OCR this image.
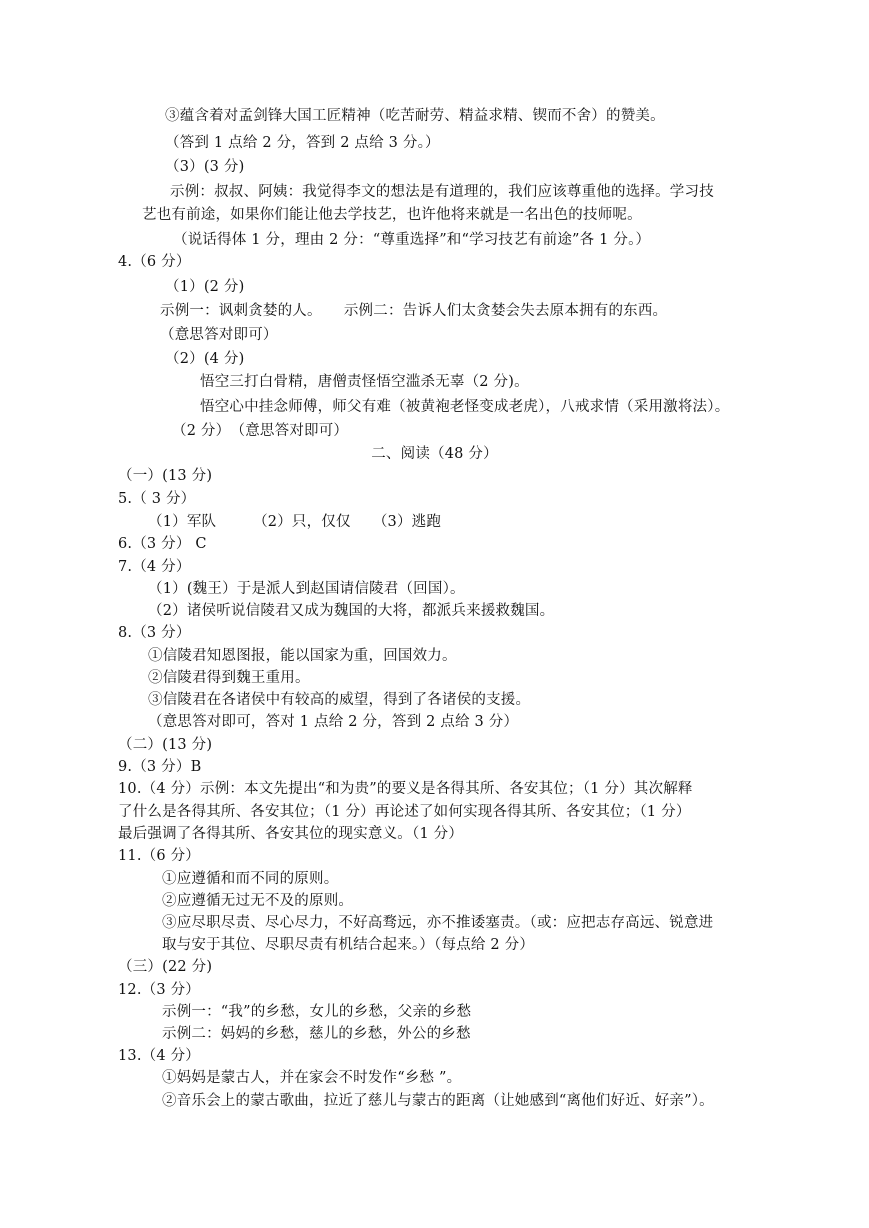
③蕴含着对孟剑锋大国工匠精神（吃苦耐劳、精益求精、锲而不舍）的赞美。
（答到 1 点给 2 分，答到 2 点给 3 分。）
（3）(3 分)
示例：叔叔、阿姨：我觉得李文的想法是有道理的，我们应该尊重他的选择。学习技
艺也有前途，如果你们能让他去学技艺，也许他将来就是一名出色的技师呢。
（说话得体 1 分，理由 2 分：“尊重选择”和“学习技艺有前途”各 1 分。）
4.（6 分）
（1）(2 分)
示例一：讽刺贪婪的人。　　示例二：告诉人们太贪婪会失去原本拥有的东西。
（意思答对即可）
（2）(4 分)
悟空三打白骨精，唐僧责怪悟空滥杀无辜（2 分)。
悟空心中挂念师傅，师父有难（被黄袍老怪变成老虎），八戒求情（采用激将法）。
（2 分）　（意思答对即可）
二、阅读（48 分）
（一）(13 分)
5.（ 3 分）
（1）军队　　　（2）只，仅仅　　（3）逃跑
6.（3 分） C
7.（4 分）
（1）(魏王）于是派人到赵国请信陵君（回国）。
（2）诸侯听说信陵君又成为魏国的大将，都派兵来援救魏国。
8.（3 分）
①信陵君知恩图报，能以国家为重，回国效力。
②信陵君得到魏王重用。
③信陵君在各诸侯中有较高的威望，得到了各诸侯的支援。
（意思答对即可，答对 1 点给 2 分，答到 2 点给 3 分）
（二）(13 分)
9.（3 分）B
10.（4 分）示例：本文先提出“和为贵”的要义是各得其所、各安其位；（1 分）其次解释
了什么是各得其所、各安其位；（1 分）再论述了如何实现各得其所、各安其位；（1 分）
最后强调了各得其所、各安其位的现实意义。（1 分）
11.（6 分）
①应遵循和而不同的原则。
②应遵循无过无不及的原则。
③应尽职尽责、尽心尽力，不好高骛远，亦不推诿塞责。（或：应把志存高远、锐意进
取与安于其位、尽职尽责有机结合起来。）（每点给 2 分）
（三）(22 分)
12.（3 分）
示例一：“我”的乡愁，女儿的乡愁，父亲的乡愁
示例二：妈妈的乡愁，慈儿的乡愁，外公的乡愁
13.（4 分）
①妈妈是蒙古人，并在家会不时发作“乡愁 ”。
②音乐会上的蒙古歌曲，拉近了慈儿与蒙古的距离（让她感到“离他们好近、好亲”）。
